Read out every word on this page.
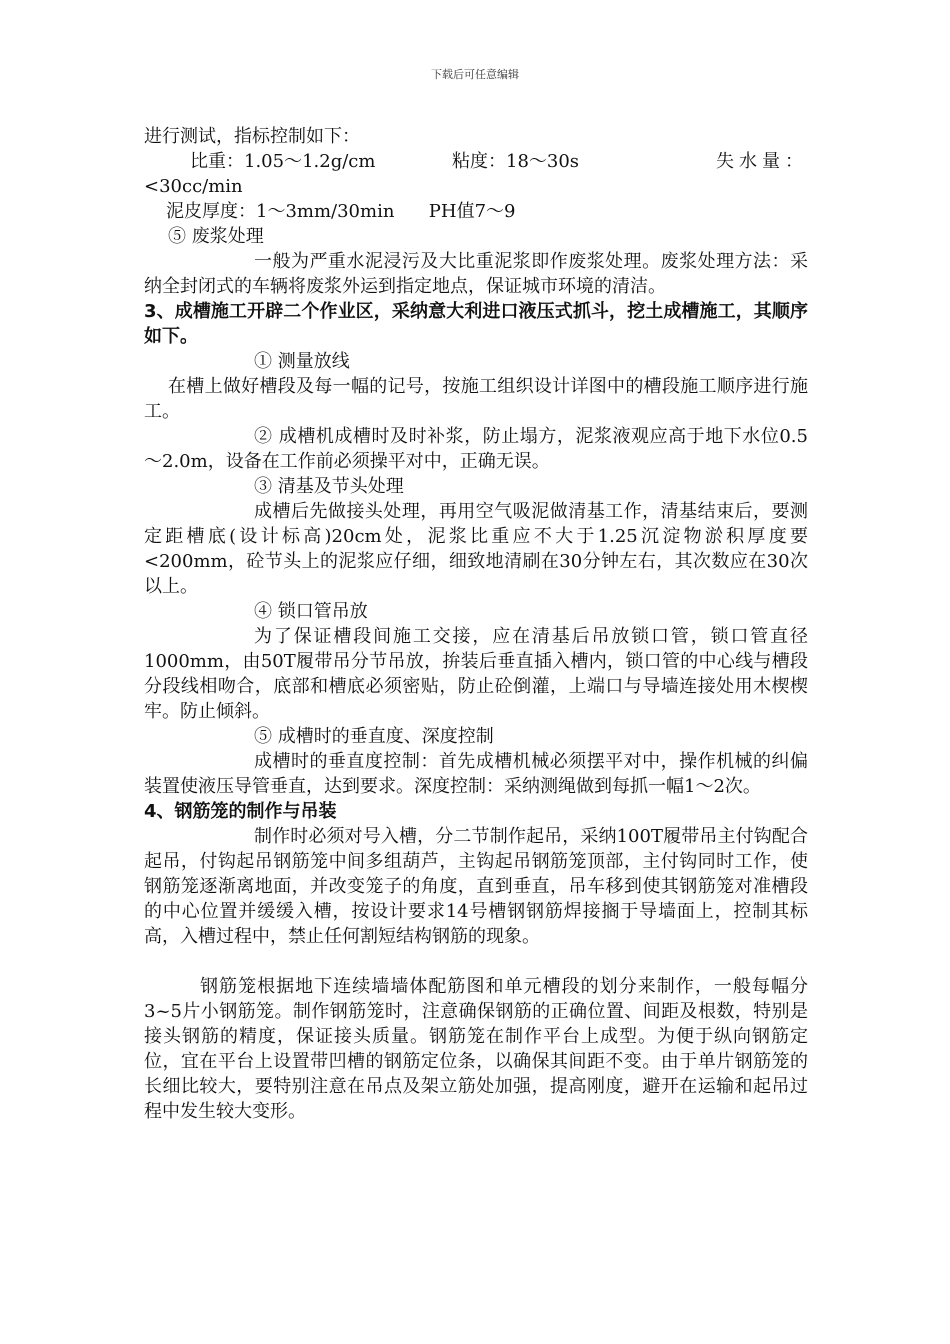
下载后可任意编辑

进行测试，指标控制如下：

比重：1.05～1.2g/cm	粘度：18～30s	失水量：

<30cc/min

泥皮厚度：1～3mm/30min      PH值7～9

⑤ 废浆处理

一般为严重水泥浸污及大比重泥浆即作废浆处理。废浆处理方法：采纳全封闭式的车辆将废浆外运到指定地点，保证城市环境的清洁。

3、成槽施工开辟二个作业区，采纳意大利进口液压式抓斗，挖土成槽施工，其顺序如下。

① 测量放线

在槽上做好槽段及每一幅的记号，按施工组织设计详图中的槽段施工顺序进行施工。

② 成槽机成槽时及时补浆，防止塌方，泥浆液观应高于地下水位0.5～2.0m，设备在工作前必须操平对中，正确无误。

③ 清基及节头处理

成槽后先做接头处理，再用空气吸泥做清基工作，清基结束后，要测定距槽底(设计标高)20cm处，泥浆比重应不大于1.25沉淀物淤积厚度要<200mm，砼节头上的泥浆应仔细，细致地清刷在30分钟左右，其次数应在30次以上。

④ 锁口管吊放

为了保证槽段间施工交接，应在清基后吊放锁口管，锁口管直径1000mm，由50T履带吊分节吊放，拚装后垂直插入槽内，锁口管的中心线与槽段分段线相吻合，底部和槽底必须密贴，防止砼倒灌，上端口与导墙连接处用木楔楔牢。防止倾斜。

⑤ 成槽时的垂直度、深度控制

成槽时的垂直度控制：首先成槽机械必须摆平对中，操作机械的纠偏装置使液压导管垂直，达到要求。深度控制：采纳测绳做到每抓一幅1～2次。

4、钢筋笼的制作与吊装

制作时必须对号入槽，分二节制作起吊，采纳100T履带吊主付钩配合起吊，付钩起吊钢筋笼中间多组葫芦，主钩起吊钢筋笼顶部，主付钩同时工作，使钢筋笼逐渐离地面，并改变笼子的角度，直到垂直，吊车移到使其钢筋笼对准槽段的中心位置并缓缓入槽，按设计要求14号槽钢钢筋焊接搁于导墙面上，控制其标高，入槽过程中，禁止任何割短结构钢筋的现象。

钢筋笼根据地下连续墙墙体配筋图和单元槽段的划分来制作，一般每幅分3~5片小钢筋笼。制作钢筋笼时，注意确保钢筋的正确位置、间距及根数，特别是接头钢筋的精度，保证接头质量。钢筋笼在制作平台上成型。为便于纵向钢筋定位，宜在平台上设置带凹槽的钢筋定位条，以确保其间距不变。由于单片钢筋笼的长细比较大，要特别注意在吊点及架立筋处加强，提高刚度，避开在运输和起吊过程中发生较大变形。
